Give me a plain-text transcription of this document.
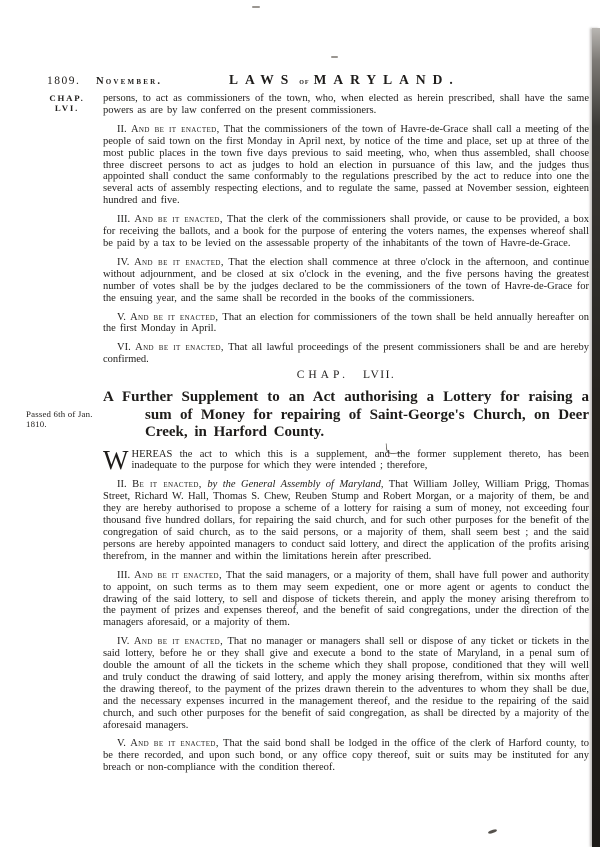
1809. November.	LAWS of MARYLAND.
CHAP.
LVI.
Passed 6th of Jan. 1810.

persons, to act as commissioners of the town, who, when elected as herein prescribed, shall have the same powers as are by law conferred on the present commissioners.

II. And be it enacted, That the commissioners of the town of Havre-de-Grace shall call a meeting of the people of said town on the first Monday in April next, by notice of the time and place, set up at three of the most public places in the town five days previous to said meeting, who, when thus assembled, shall choose three discreet persons to act as judges to hold an election in pursuance of this law, and the judges thus appointed shall conduct the same conformably to the regulations prescribed by the act to reduce into one the several acts of assembly respecting elections, and to regulate the same, passed at November session, eighteen hundred and five.

III. And be it enacted, That the clerk of the commissioners shall provide, or cause to be provided, a box for receiving the ballots, and a book for the purpose of entering the voters names, the expenses whereof shall be paid by a tax to be levied on the assessable property of the inhabitants of the town of Havre-de-Grace.

IV. And be it enacted, That the election shall commence at three o'clock in the afternoon, and continue without adjournment, and be closed at six o'clock in the evening, and the five persons having the greatest number of votes shall be by the judges declared to be the commissioners of the town of Havre-de-Grace for the ensuing year, and the same shall be recorded in the books of the commissioners.

V. And be it enacted, That an election for commissioners of the town shall be held annually hereafter on the first Monday in April.

VI. And be it enacted, That all lawful proceedings of the present commissioners shall be and are hereby confirmed.

CHAP. LVII.

A Further Supplement to an Act authorising a Lottery for raising a sum of Money for repairing of Saint-George's Church, on Deer Creek, in Harford County.

WHEREAS the act to which this is a supplement, and the former supplement thereto, has been inadequate to the purpose for which they were intended ; therefore,

II. Be it enacted, by the General Assembly of Maryland, That William Jolley, William Prigg, Thomas Street, Richard W. Hall, Thomas S. Chew, Reuben Stump and Robert Morgan, or a majority of them, be and they are hereby authorised to propose a scheme of a lottery for raising a sum of money, not exceeding four thousand five hundred dollars, for repairing the said church, and for such other purposes for the benefit of the congregation of said church, as to the said persons, or a majority of them, shall seem best ; and the said persons are hereby appointed managers to conduct said lottery, and direct the application of the profits arising therefrom, in the manner and within the limitations herein after prescribed.

III. And be it enacted, That the said managers, or a majority of them, shall have full power and authority to appoint, on such terms as to them may seem expedient, one or more agent or agents to conduct the drawing of the said lottery, to sell and dispose of tickets therein, and apply the money arising therefrom to the payment of prizes and expenses thereof, and the benefit of said congregations, under the direction of the managers aforesaid, or a majority of them.

IV. And be it enacted, That no manager or managers shall sell or dispose of any ticket or tickets in the said lottery, before he or they shall give and execute a bond to the state of Maryland, in a penal sum of double the amount of all the tickets in the scheme which they shall propose, conditioned that they will well and truly conduct the drawing of said lottery, and apply the money arising therefrom, within six months after the drawing thereof, to the payment of the prizes drawn therein to the adventures to whom they shall be due, and the necessary expenses incurred in the management thereof, and the residue to the repairing of the said church, and such other purposes for the benefit of said congregation, as shall be directed by a majority of the aforesaid managers.

V. And be it enacted, That the said bond shall be lodged in the office of the clerk of Harford county, to be there recorded, and upon such bond, or any office copy thereof, suit or suits may be instituted for any breach or non-compliance with the condition thereof.
